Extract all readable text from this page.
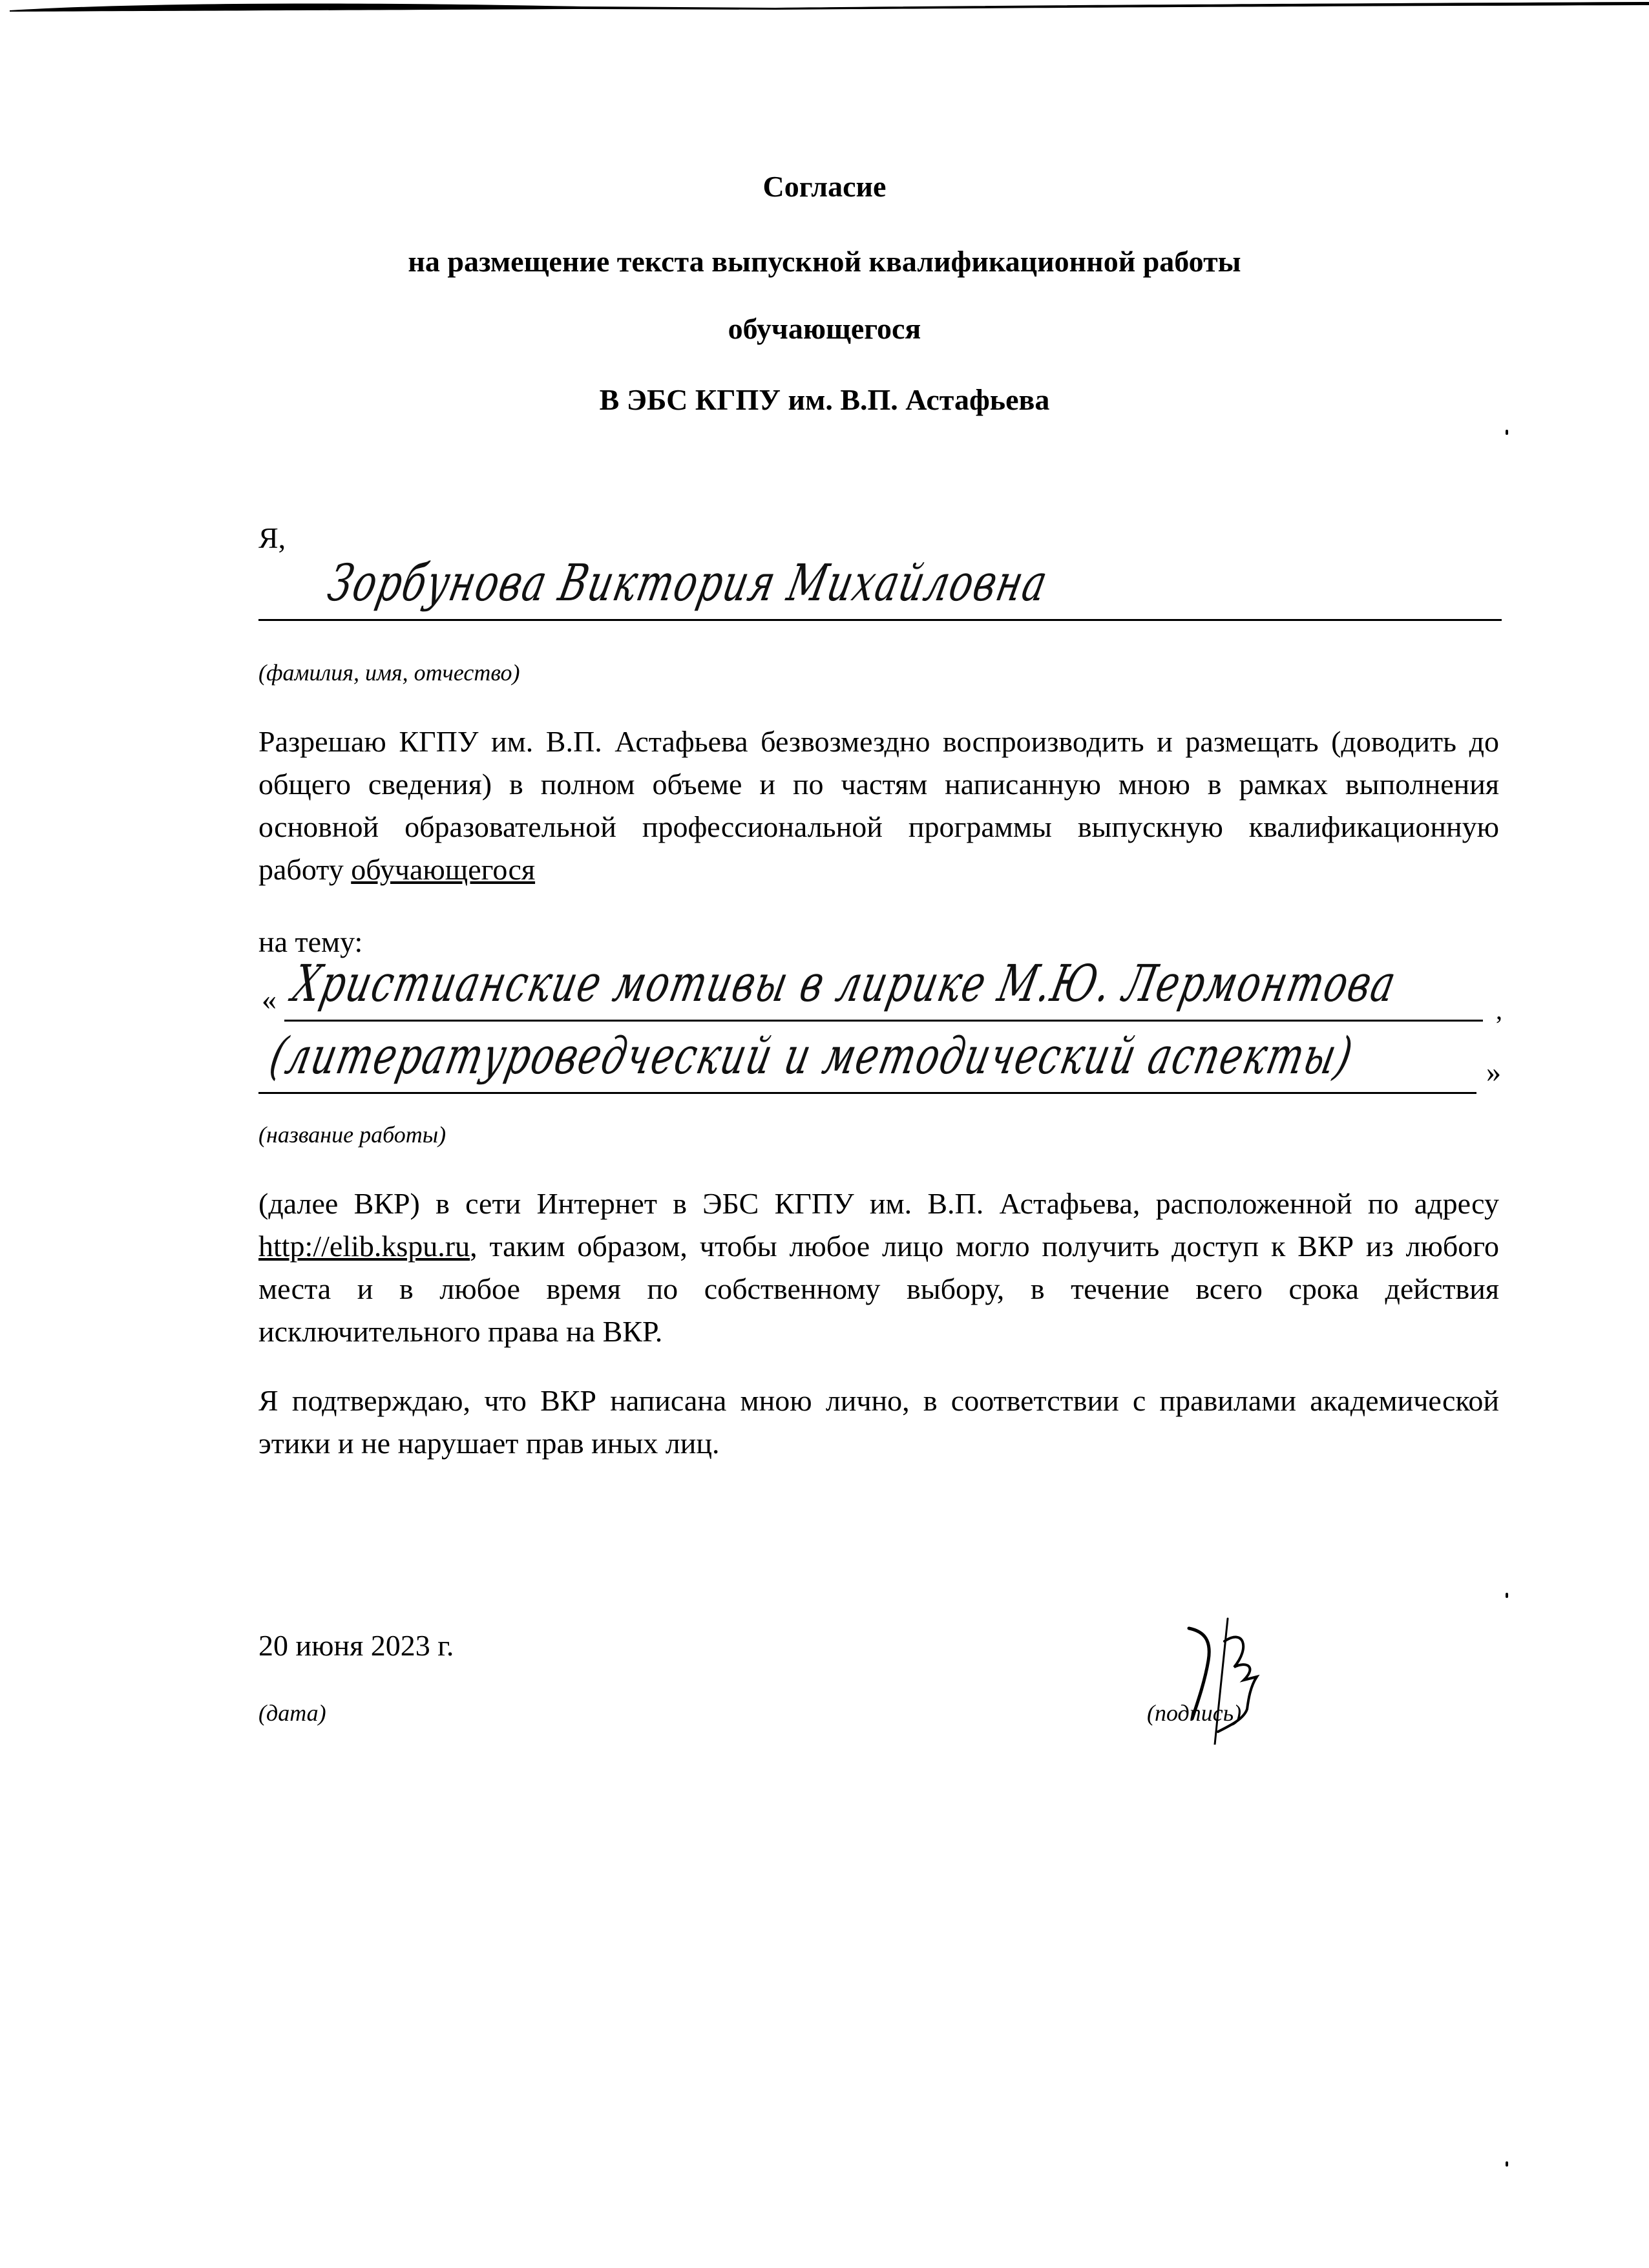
Согласие
на размещение текста выпускной квалификационной работы
обучающегося
В ЭБС КГПУ им. В.П. Астафьева
Я,
Зорбунова Виктория Михайловна
(фамилия, имя, отчество)
Разрешаю КГПУ им. В.П. Астафьева безвозмездно воспроизводить и размещать (доводить до общего сведения) в полном объеме и по частям написанную мною в рамках выполнения основной образовательной профессиональной программы выпускную квалификационную работу обучающегося
на тему:
« Христианские мотивы в лирике М.Ю. Лермонтова	,
(литературоведческий и методический аспекты)	»
(название работы)
(далее ВКР) в сети Интернет в ЭБС КГПУ им. В.П. Астафьева, расположенной по адресу http://elib.kspu.ru, таким образом, чтобы любое лицо могло получить доступ к ВКР из любого места и в любое время по собственному выбору, в течение всего срока действия исключительного права на ВКР.
Я подтверждаю, что ВКР написана мною лично, в соответствии с правилами академической этики и не нарушает прав иных лиц.
20 июня 2023 г.
(дата)	(подпись)
